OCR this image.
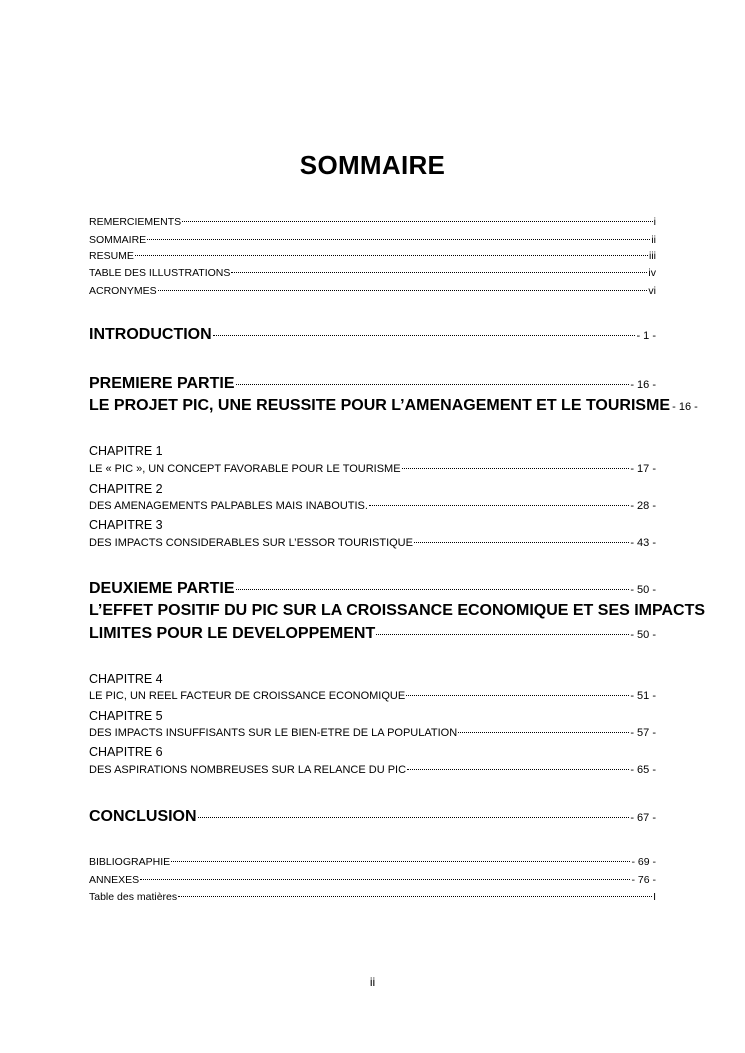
SOMMAIRE
REMERCIEMENTS	i
SOMMAIRE	ii
RESUME	iii
TABLE DES ILLUSTRATIONS	iv
ACRONYMES	vi
INTRODUCTION	- 1 -
PREMIERE PARTIE	- 16 -
LE PROJET PIC, UNE REUSSITE POUR L’AMENAGEMENT ET LE TOURISME - 16 -
CHAPITRE 1
LE « PIC », UN CONCEPT FAVORABLE POUR LE TOURISME	- 17 -
CHAPITRE 2
DES AMENAGEMENTS PALPABLES MAIS INABOUTIS.	- 28 -
CHAPITRE 3
DES IMPACTS CONSIDERABLES SUR L’ESSOR TOURISTIQUE	- 43 -
DEUXIEME PARTIE	- 50 -
L’EFFET POSITIF DU PIC SUR LA CROISSANCE ECONOMIQUE ET SES IMPACTS
LIMITES POUR LE DEVELOPPEMENT	- 50 -
CHAPITRE 4
LE PIC, UN REEL FACTEUR DE CROISSANCE ECONOMIQUE	- 51 -
CHAPITRE 5
DES IMPACTS INSUFFISANTS SUR LE BIEN-ETRE DE LA POPULATION	- 57 -
CHAPITRE 6
DES ASPIRATIONS NOMBREUSES SUR LA RELANCE DU PIC	- 65 -
CONCLUSION	- 67 -
BIBLIOGRAPHIE	- 69 -
ANNEXES	- 76 -
Table des matières	I
ii
